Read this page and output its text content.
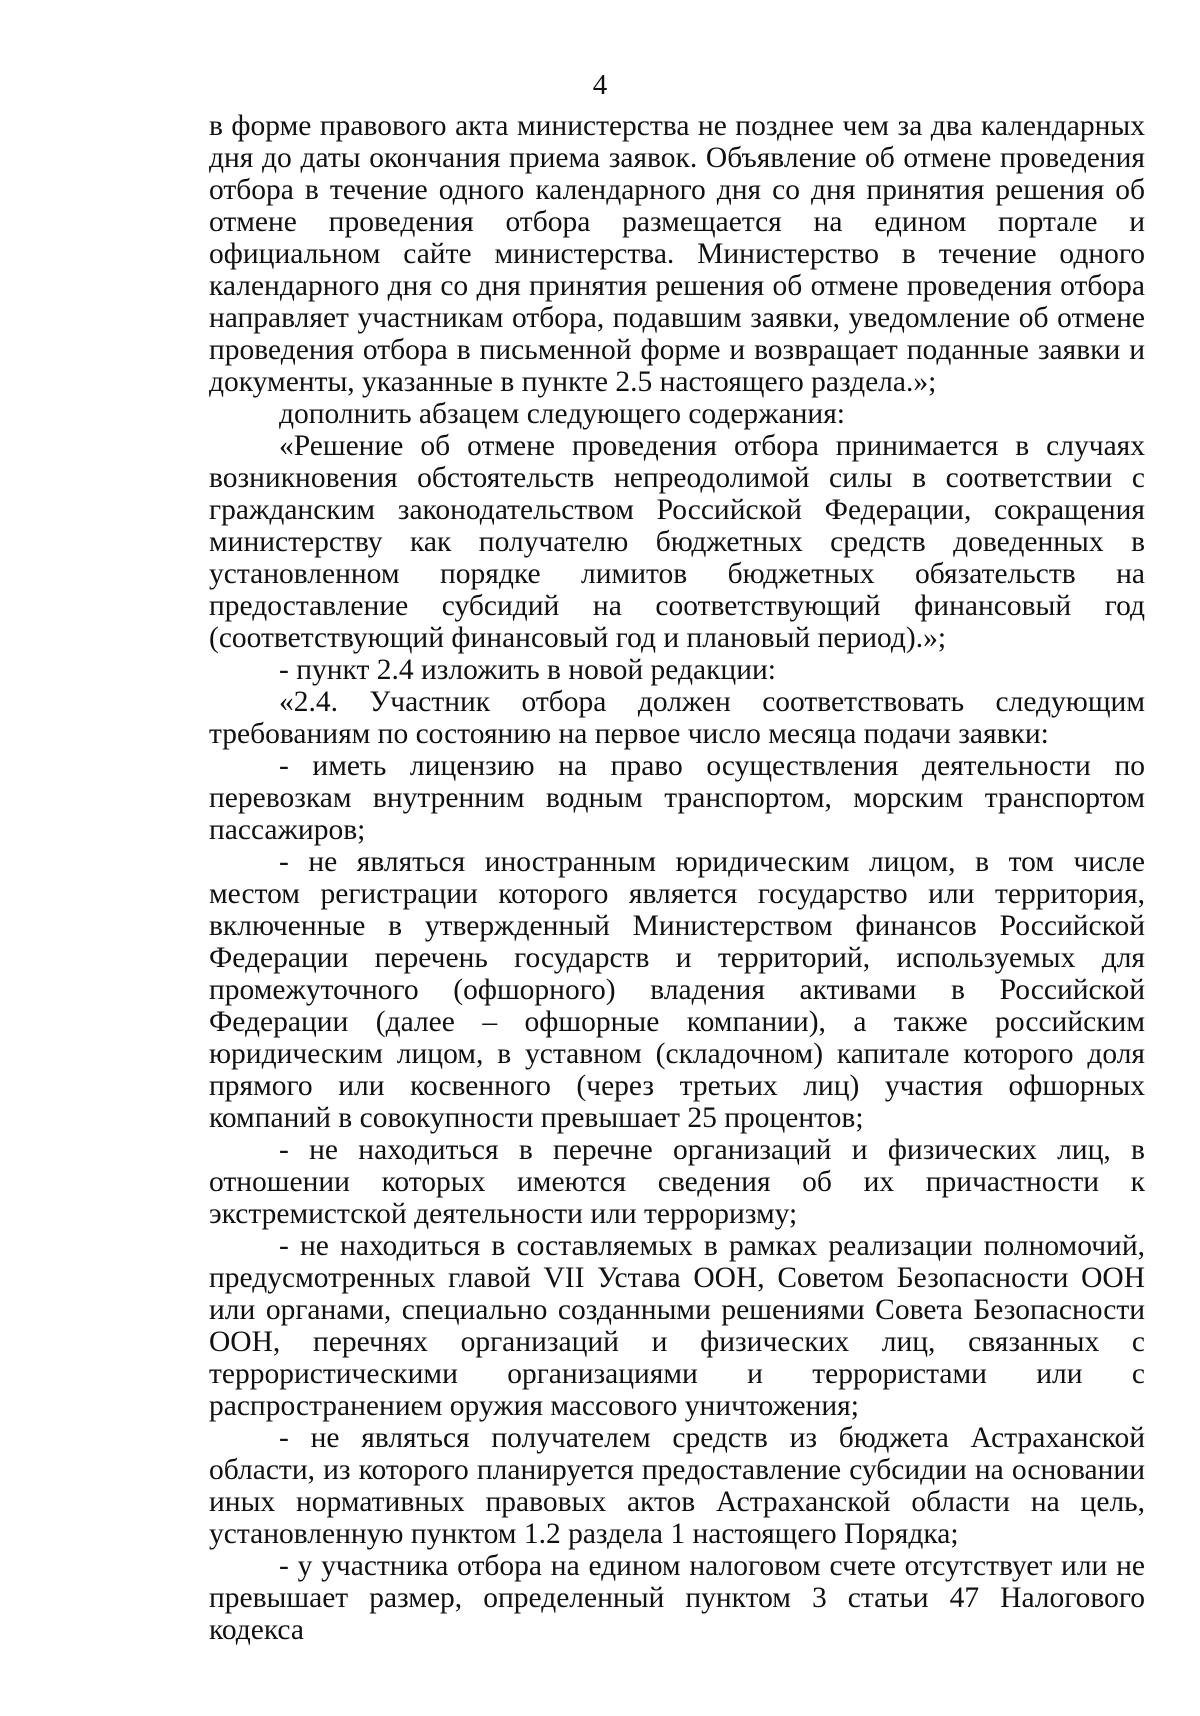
4

в форме правового акта министерства не позднее чем за два календарных дня до даты окончания приема заявок. Объявление об отмене проведения отбора в течение одного календарного дня со дня принятия решения об отмене проведения отбора размещается на едином портале и официальном сайте министерства. Министерство в течение одного календарного дня со дня принятия решения об отмене проведения отбора направляет участникам отбора, подавшим заявки, уведомление об отмене проведения отбора в письменной форме и возвращает поданные заявки и документы, указанные в пункте 2.5 настоящего раздела.»;

дополнить абзацем следующего содержания:

«Решение об отмене проведения отбора принимается в случаях возникновения обстоятельств непреодолимой силы в соответствии с гражданским законодательством Российской Федерации, сокращения министерству как получателю бюджетных средств доведенных в установленном порядке лимитов бюджетных обязательств на предоставление субсидий на соответствующий финансовый год (соответствующий финансовый год и плановый период).»;

- пункт 2.4 изложить в новой редакции:

«2.4. Участник отбора должен соответствовать следующим требованиям по состоянию на первое число месяца подачи заявки:

- иметь лицензию на право осуществления деятельности по перевозкам внутренним водным транспортом, морским транспортом пассажиров;

- не являться иностранным юридическим лицом, в том числе местом регистрации которого является государство или территория, включенные в утвержденный Министерством финансов Российской Федерации перечень государств и территорий, используемых для промежуточного (офшорного) владения активами в Российской Федерации (далее – офшорные компании), а также российским юридическим лицом, в уставном (складочном) капитале которого доля прямого или косвенного (через третьих лиц) участия офшорных компаний в совокупности превышает 25 процентов;

- не находиться в перечне организаций и физических лиц, в отношении которых имеются сведения об их причастности к экстремистской деятельности или терроризму;

- не находиться в составляемых в рамках реализации полномочий, предусмотренных главой VII Устава ООН, Советом Безопасности ООН или органами, специально созданными решениями Совета Безопасности ООН, перечнях организаций и физических лиц, связанных с террористическими организациями и террористами или с распространением оружия массового уничтожения;

- не являться получателем средств из бюджета Астраханской области, из которого планируется предоставление субсидии на основании иных нормативных правовых актов Астраханской области на цель, установленную пунктом 1.2 раздела 1 настоящего Порядка;

- у участника отбора на едином налоговом счете отсутствует или не превышает размер, определенный пунктом 3 статьи 47 Налогового кодекса
